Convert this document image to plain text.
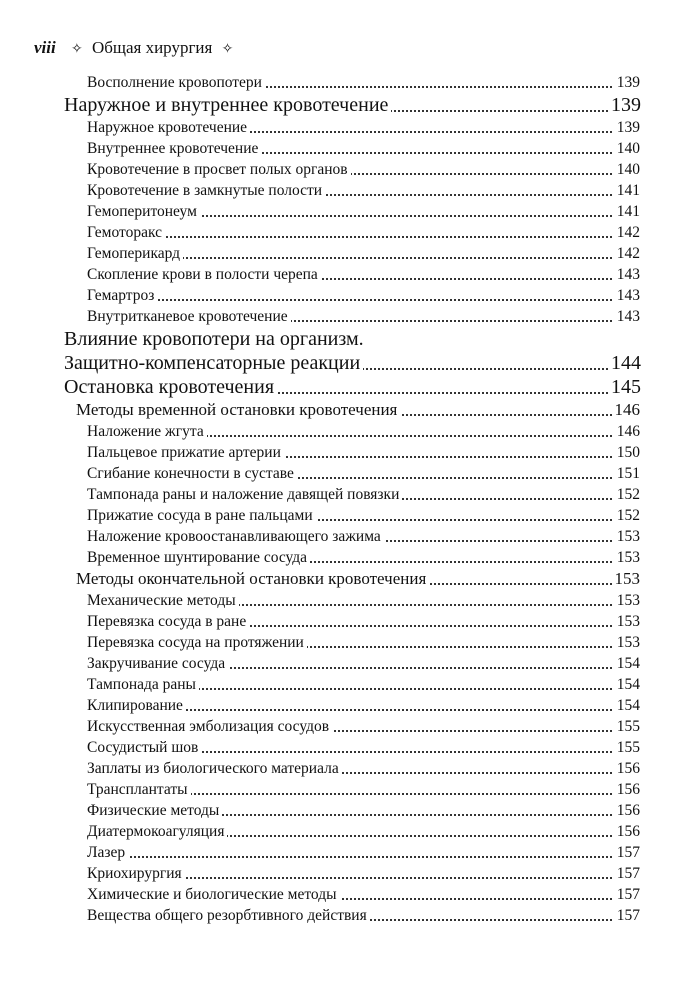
viii ✧ Общая хирургия ✧
Восполнение кровопотери	139
Наружное и внутреннее кровотечение	139
Наружное кровотечение	139
Внутреннее кровотечение	140
Кровотечение в просвет полых органов	140
Кровотечение в замкнутые полости	141
Гемоперитонеум	141
Гемоторакс	142
Гемоперикард	142
Скопление крови в полости черепа	143
Гемартроз	143
Внутритканевое кровотечение	143
Влияние кровопотери на организм.
Защитно-компенсаторные реакции	144
Остановка кровотечения	145
Методы временной остановки кровотечения	146
Наложение жгута	146
Пальцевое прижатие артерии	150
Сгибание конечности в суставе	151
Тампонада раны и наложение давящей повязки	152
Прижатие сосуда в ране пальцами	152
Наложение кровоостанавливающего зажима	153
Временное шунтирование сосуда	153
Методы окончательной остановки кровотечения	153
Механические методы	153
Перевязка сосуда в ране	153
Перевязка сосуда на протяжении	153
Закручивание сосуда	154
Тампонада раны	154
Клипирование	154
Искусственная эмболизация сосудов	155
Сосудистый шов	155
Заплаты из биологического материала	156
Трансплантаты	156
Физические методы	156
Диатермокоагуляция	156
Лазер	157
Криохирургия	157
Химические и биологические методы	157
Вещества общего резорбтивного действия	157
